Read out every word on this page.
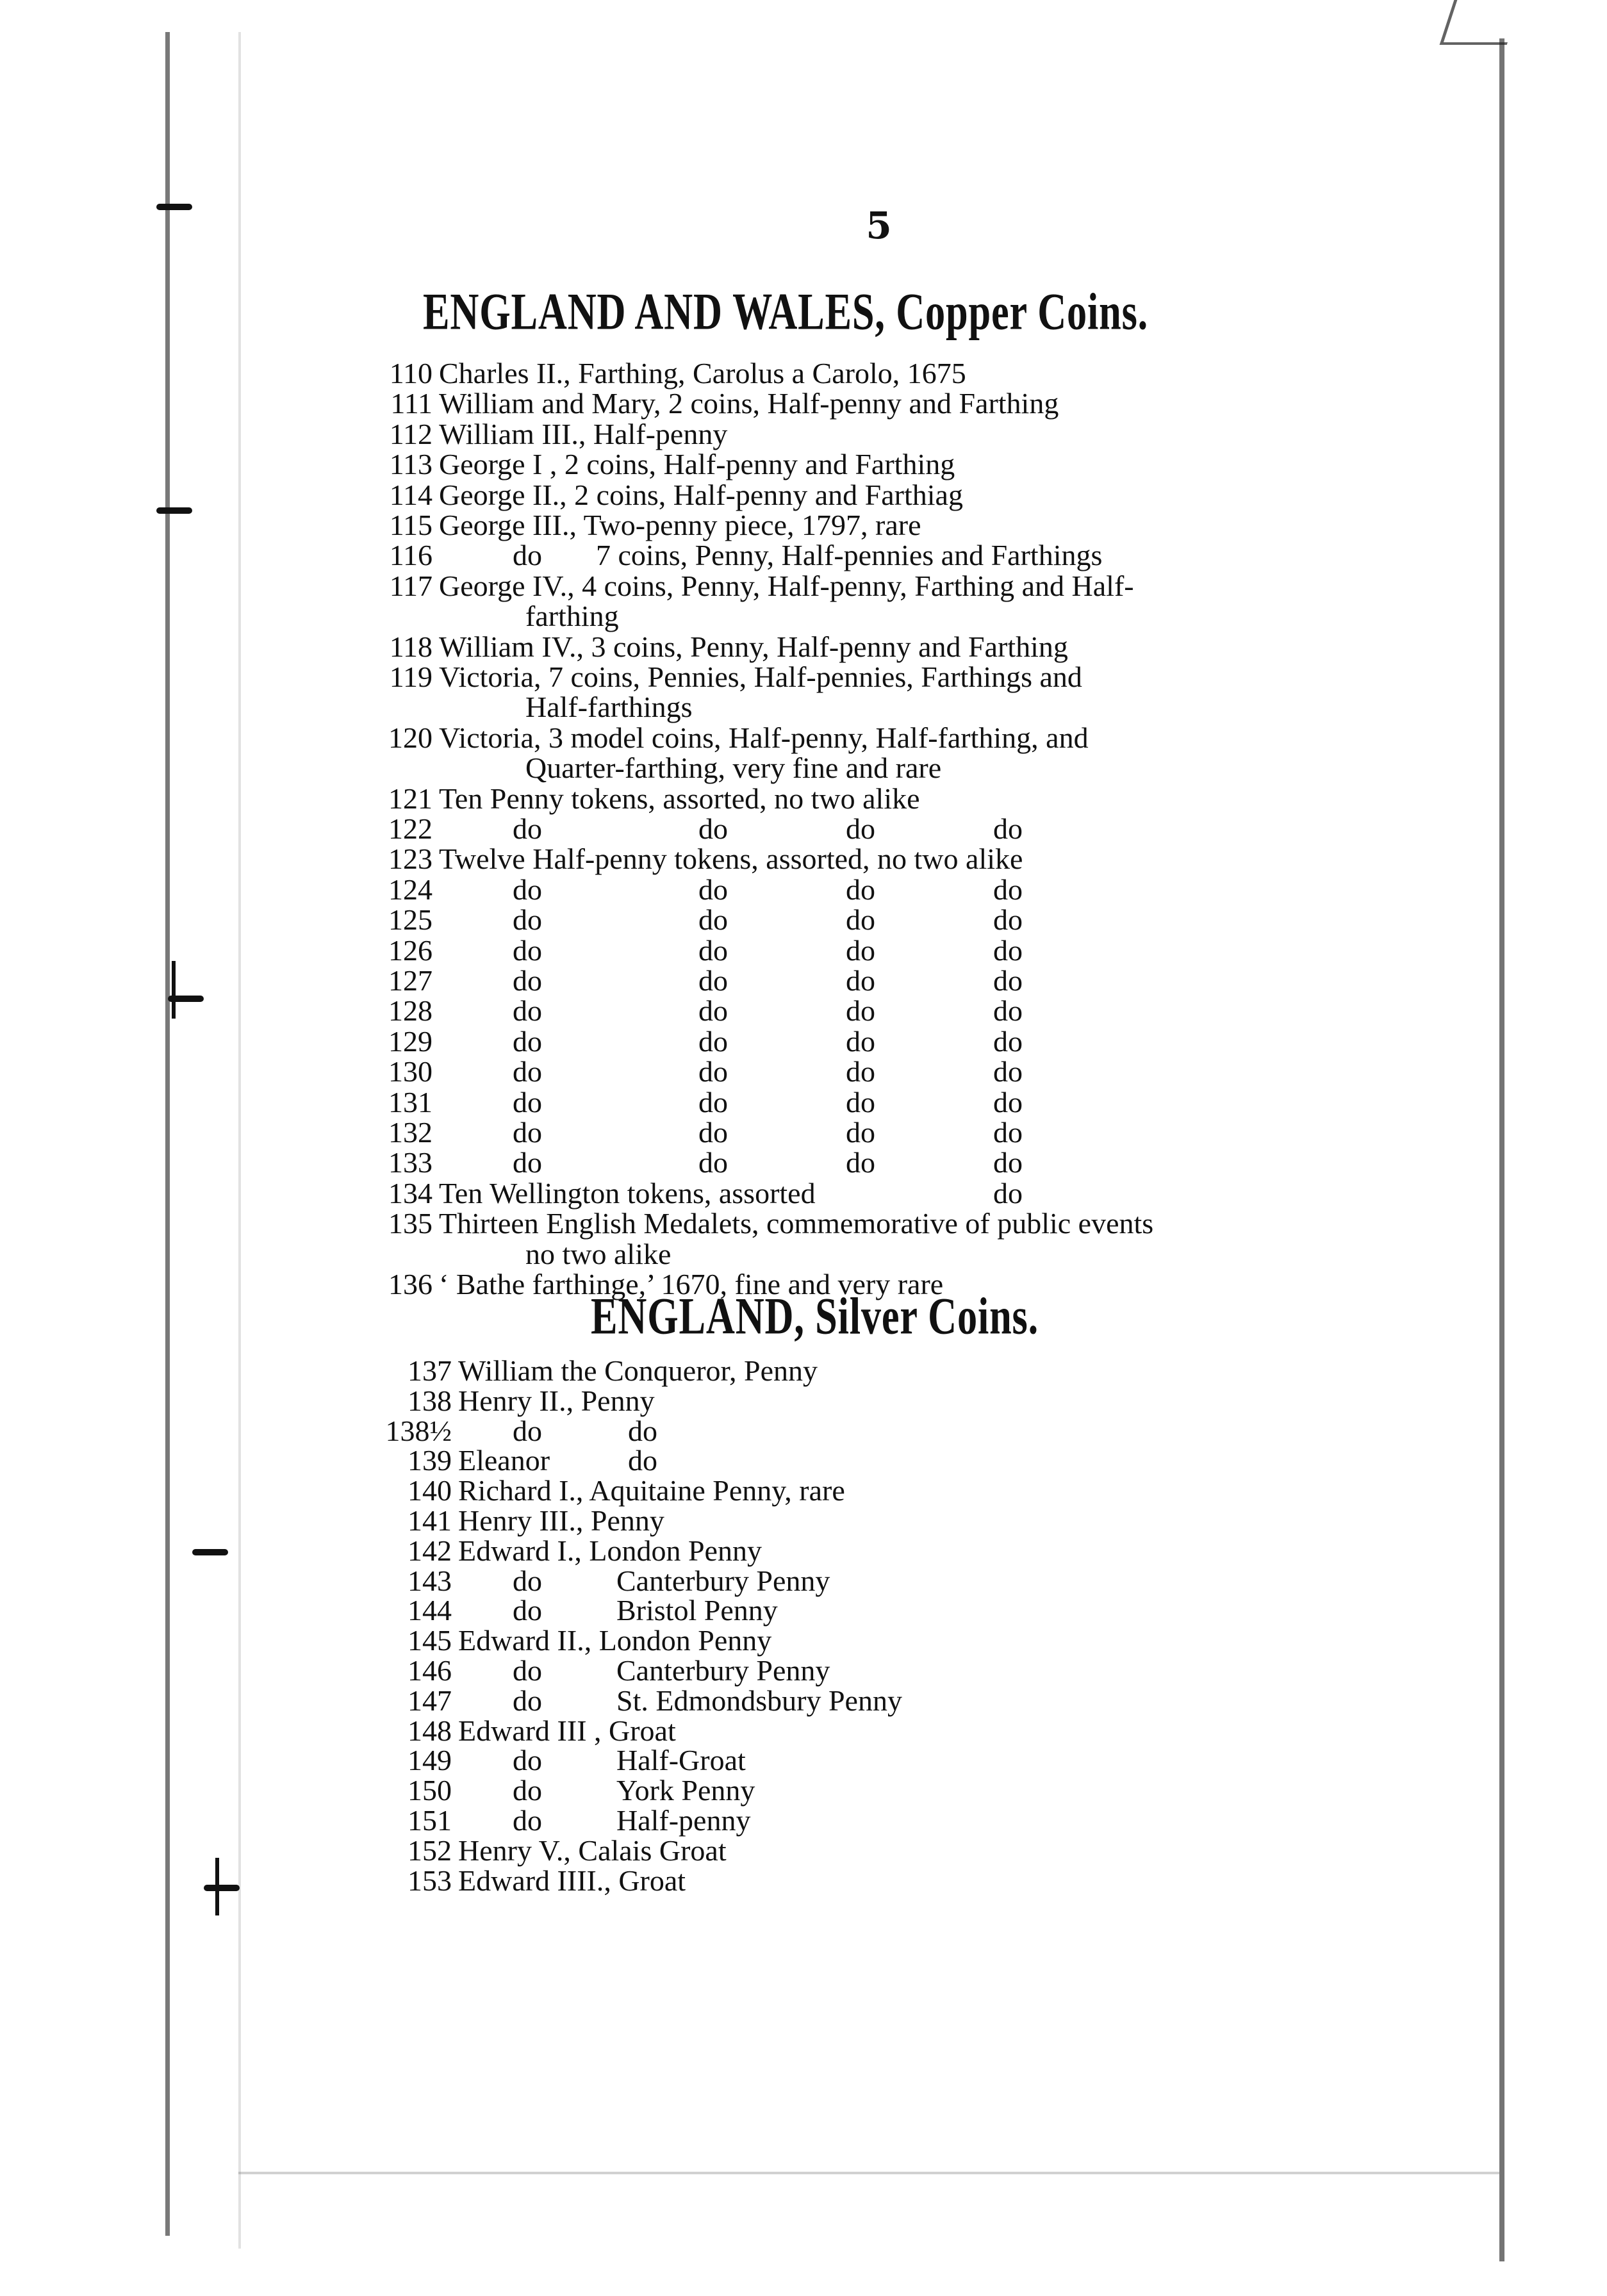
5
ENGLAND AND WALES, Copper Coins.
ENGLAND, Silver Coins.
110 Charles II., Farthing, Carolus a Carolo, 1675
111 William and Mary, 2 coins, Half-penny and Farthing
112 William III., Half-penny
113 George I , 2 coins, Half-penny and Farthing
114 George II., 2 coins, Half-penny and Farthiag
115 George III., Two-penny piece, 1797, rare
116	do 7 coins, Penny, Half-pennies and Farthings
117 George IV., 4 coins, Penny, Half-penny, Farthing and Half-
farthing
118 William IV., 3 coins, Penny, Half-penny and Farthing
119 Victoria, 7 coins, Pennies, Half-pennies, Farthings and
Half-farthings
120 Victoria, 3 model coins, Half-penny, Half-farthing, and
Quarter-farthing, very fine and rare
121 Ten Penny tokens, assorted, no two alike
122	do	do	do	do
123 Twelve Half-penny tokens, assorted, no two alike
124	do	do	do	do
125	do	do	do	do
126	do	do	do	do
127	do	do	do	do
128	do	do	do	do
129	do	do	do	do
130	do	do	do	do
131	do	do	do	do
132	do	do	do	do
133	do	do	do	do
134 Ten Wellington tokens, assorted	do
135 Thirteen English Medalets, commemorative of public events
no two alike
136 ‘ Bathe farthinge,’ 1670, fine and very rare
137 William the Conqueror, Penny
138 Henry II., Penny
138½ do	do
139 Eleanor	do
140 Richard I., Aquitaine Penny, rare
141 Henry III., Penny
142 Edward I., London Penny
143 do	Canterbury Penny
144 do	Bristol Penny
145 Edward II., London Penny
146 do	Canterbury Penny
147 do	St. Edmondsbury Penny
148 Edward III , Groat
149 do	Half-Groat
150 do	York Penny
151 do	Half-penny
152 Henry V., Calais Groat
153 Edward IIII., Groat
